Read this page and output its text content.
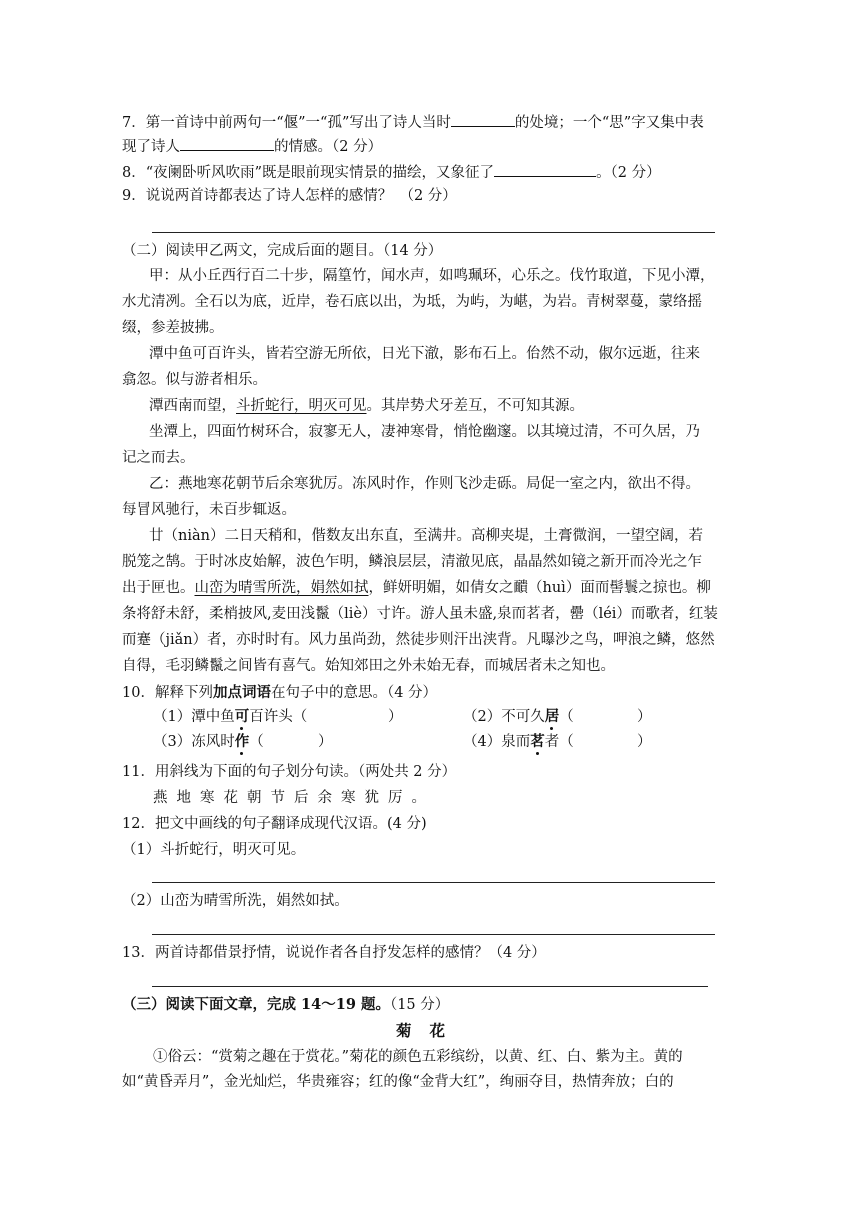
7．第一首诗中前两句一“偃”一“孤”写出了诗人当时	的处境；一个“思”字又集中表
现了诗人	的情感。（2 分）
8．“夜阑卧听风吹雨”既是眼前现实情景的描绘，又象征了	。（2 分）
9．说说两首诗都表达了诗人怎样的感情？　（2 分）
（二）阅读甲乙两文，完成后面的题目。（14 分）
甲：从小丘西行百二十步，隔篁竹，闻水声，如鸣珮环，心乐之。伐竹取道，下见小潭，
水尤清冽。全石以为底，近岸，卷石底以出，为坻，为屿，为嵁，为岩。青树翠蔓，蒙络摇
缀，参差披拂。
潭中鱼可百许头，皆若空游无所依，日光下澈，影布石上。佁然不动，俶尔远逝，往来
翕忽。似与游者相乐。
潭西南而望，斗折蛇行，明灭可见。其岸势犬牙差互，不可知其源。
坐潭上，四面竹树环合，寂寥无人，凄神寒骨，悄怆幽邃。以其境过清，不可久居，乃
记之而去。
乙：燕地寒花朝节后余寒犹厉。冻风时作，作则飞沙走砾。局促一室之内，欲出不得。
每冒风驰行，未百步辄返。
廿（niàn）二日天稍和，偕数友出东直，至满井。高柳夹堤，土膏微润，一望空阔，若
脱笼之鹄。于时冰皮始解，波色乍明，鳞浪层层，清澈见底，晶晶然如镜之新开而冷光之乍
出于匣也。山峦为晴雪所洗，娟然如拭，鲜妍明媚，如倩女之靧（huì）面而髻鬟之掠也。柳
条将舒未舒，柔梢披风,麦田浅鬣（liè）寸许。游人虽未盛,泉而茗者，罍（léi）而歌者，红装
而蹇（jiǎn）者，亦时时有。风力虽尚劲，然徒步则汗出浃背。凡曝沙之鸟，呷浪之鳞，悠然
自得，毛羽鳞鬣之间皆有喜气。始知郊田之外未始无春，而城居者未之知也。
10．解释下列加点词语在句子中的意思。（4 分）
（1）潭中鱼可百许头（	）	（2）不可久居（	）
（3）冻风时作（	）	（4）泉而茗者（	）
11．用斜线为下面的句子划分句读。（两处共 2 分）
燕地寒花朝节后余寒犹厉。
12．把文中画线的句子翻译成现代汉语。(4 分)
（1）斗折蛇行，明灭可见。
（2）山峦为晴雪所洗，娟然如拭。
13．两首诗都借景抒情，说说作者各自抒发怎样的感情？（4 分）
（三）阅读下面文章，完成 14～19 题。（15 分）
菊花
①俗云：“赏菊之趣在于赏花。”菊花的颜色五彩缤纷，以黄、红、白、紫为主。黄的
如“黄昏弄月”，金光灿烂，华贵雍容；红的像“金背大红”，绚丽夺目，热情奔放；白的
